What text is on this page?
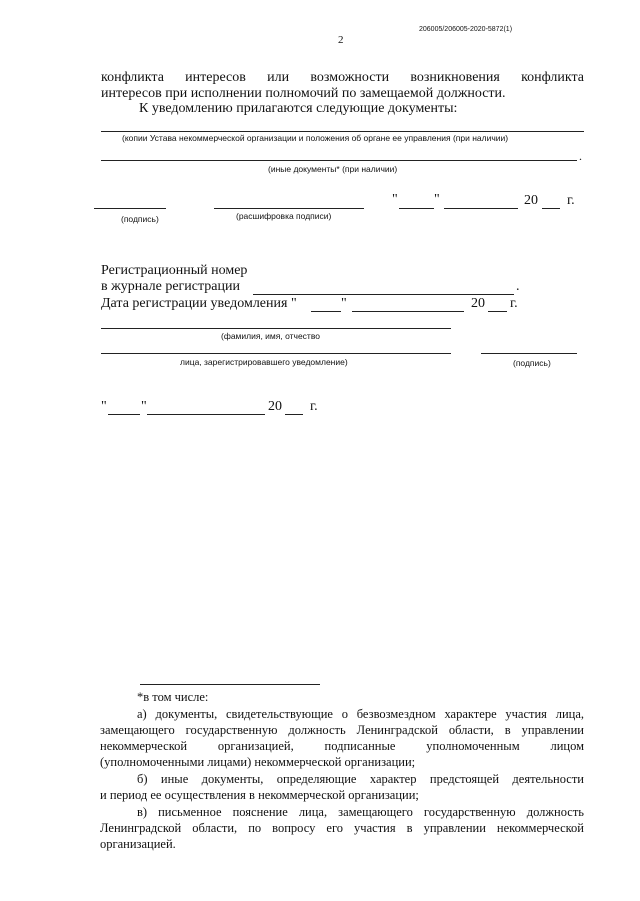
2
206005/206005-2020-5872(1)
конфликта интересов или возможности возникновения конфликта
интересов при исполнении полномочий по замещаемой должности.
К уведомлению прилагаются следующие документы:
(копии Устава некоммерческой организации и положения об органе ее управления (при наличии)
.
(иные документы* (при наличии)
"	"	20 г.
(подпись)	(расшифровка подписи)
Регистрационный номер
в журнале регистрации	.
Дата регистрации уведомления "	"	20 г.
(фамилия, имя, отчество
лица, зарегистрировавшего уведомление)	(подпись)
" "	20 г.
*в том числе:
а) документы, свидетельствующие о безвозмездном характере участия лица,
замещающего государственную должность Ленинградской области, в управлении
некоммерческой организацией, подписанные уполномоченным лицом
(уполномоченными лицами) некоммерческой организации;
б) иные документы, определяющие характер предстоящей деятельности
и период ее осуществления в некоммерческой организации;
в) письменное пояснение лица, замещающего государственную должность
Ленинградской области, по вопросу его участия в управлении некоммерческой
организацией.
